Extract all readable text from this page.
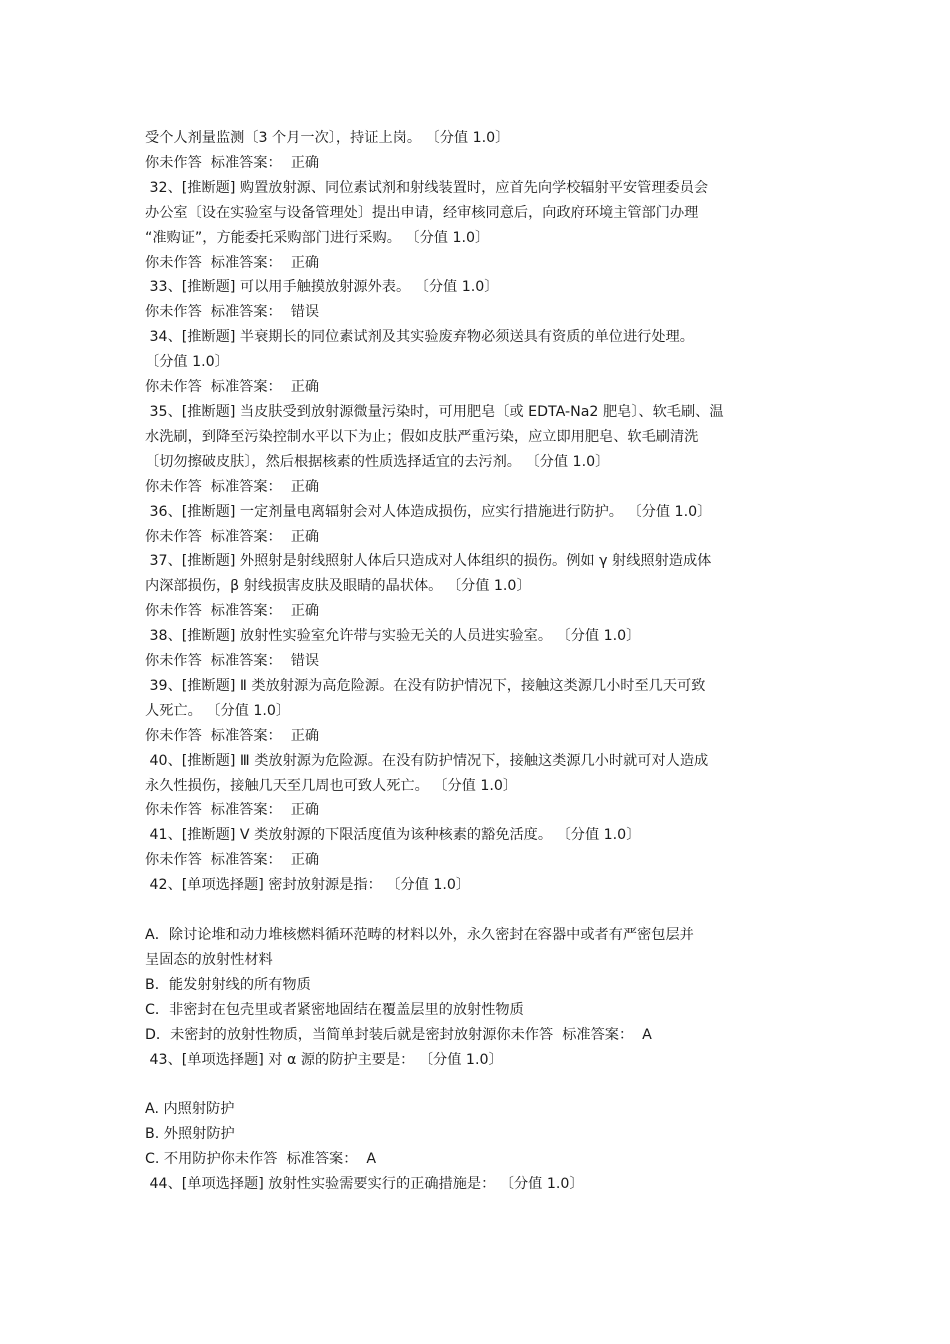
受个人剂量监测〔3 个月一次〕，持证上岗。 〔分值 1.0〕

你未作答  标准答案：  正确

32、[推断题] 购置放射源、同位素试剂和射线装置时，应首先向学校辐射平安管理委员会

办公室〔设在实验室与设备管理处〕提出申请，经审核同意后，向政府环境主管部门办理

“准购证”，方能委托采购部门进行采购。 〔分值 1.0〕

你未作答  标准答案：  正确

33、[推断题] 可以用手触摸放射源外表。 〔分值 1.0〕

你未作答  标准答案：  错误

34、[推断题] 半衰期长的同位素试剂及其实验废弃物必须送具有资质的单位进行处理。

〔分值 1.0〕

你未作答  标准答案：  正确

35、[推断题] 当皮肤受到放射源微量污染时，可用肥皂〔或 EDTA-Na2 肥皂〕、软毛刷、温

水洗刷，到降至污染控制水平以下为止；假如皮肤严重污染，应立即用肥皂、软毛刷清洗

〔切勿擦破皮肤〕，然后根据核素的性质选择适宜的去污剂。 〔分值 1.0〕

你未作答  标准答案：  正确

36、[推断题] 一定剂量电离辐射会对人体造成损伤，应实行措施进行防护。 〔分值 1.0〕

你未作答  标准答案：  正确

37、[推断题] 外照射是射线照射人体后只造成对人体组织的损伤。例如 γ 射线照射造成体

内深部损伤，β 射线损害皮肤及眼睛的晶状体。 〔分值 1.0〕

你未作答  标准答案：  正确

38、[推断题] 放射性实验室允许带与实验无关的人员进实验室。 〔分值 1.0〕

你未作答  标准答案：  错误

39、[推断题] Ⅱ 类放射源为高危险源。在没有防护情况下，接触这类源几小时至几天可致

人死亡。 〔分值 1.0〕

你未作答  标准答案：  正确

40、[推断题] Ⅲ 类放射源为危险源。在没有防护情况下，接触这类源几小时就可对人造成

永久性损伤，接触几天至几周也可致人死亡。 〔分值 1.0〕

你未作答  标准答案：  正确

41、[推断题] V 类放射源的下限活度值为该种核素的豁免活度。 〔分值 1.0〕

你未作答  标准答案：  正确

42、[单项选择题] 密封放射源是指： 〔分值 1.0〕

A．除讨论堆和动力堆核燃料循环范畴的材料以外，永久密封在容器中或者有严密包层并

呈固态的放射性材料

B．能发射射线的所有物质

C．非密封在包壳里或者紧密地固结在覆盖层里的放射性物质

D．未密封的放射性物质，当简单封装后就是密封放射源你未作答  标准答案：  A

43、[单项选择题] 对 α 源的防护主要是： 〔分值 1.0〕

A. 内照射防护

B. 外照射防护

C. 不用防护你未作答  标准答案：  A

44、[单项选择题] 放射性实验需要实行的正确措施是： 〔分值 1.0〕
